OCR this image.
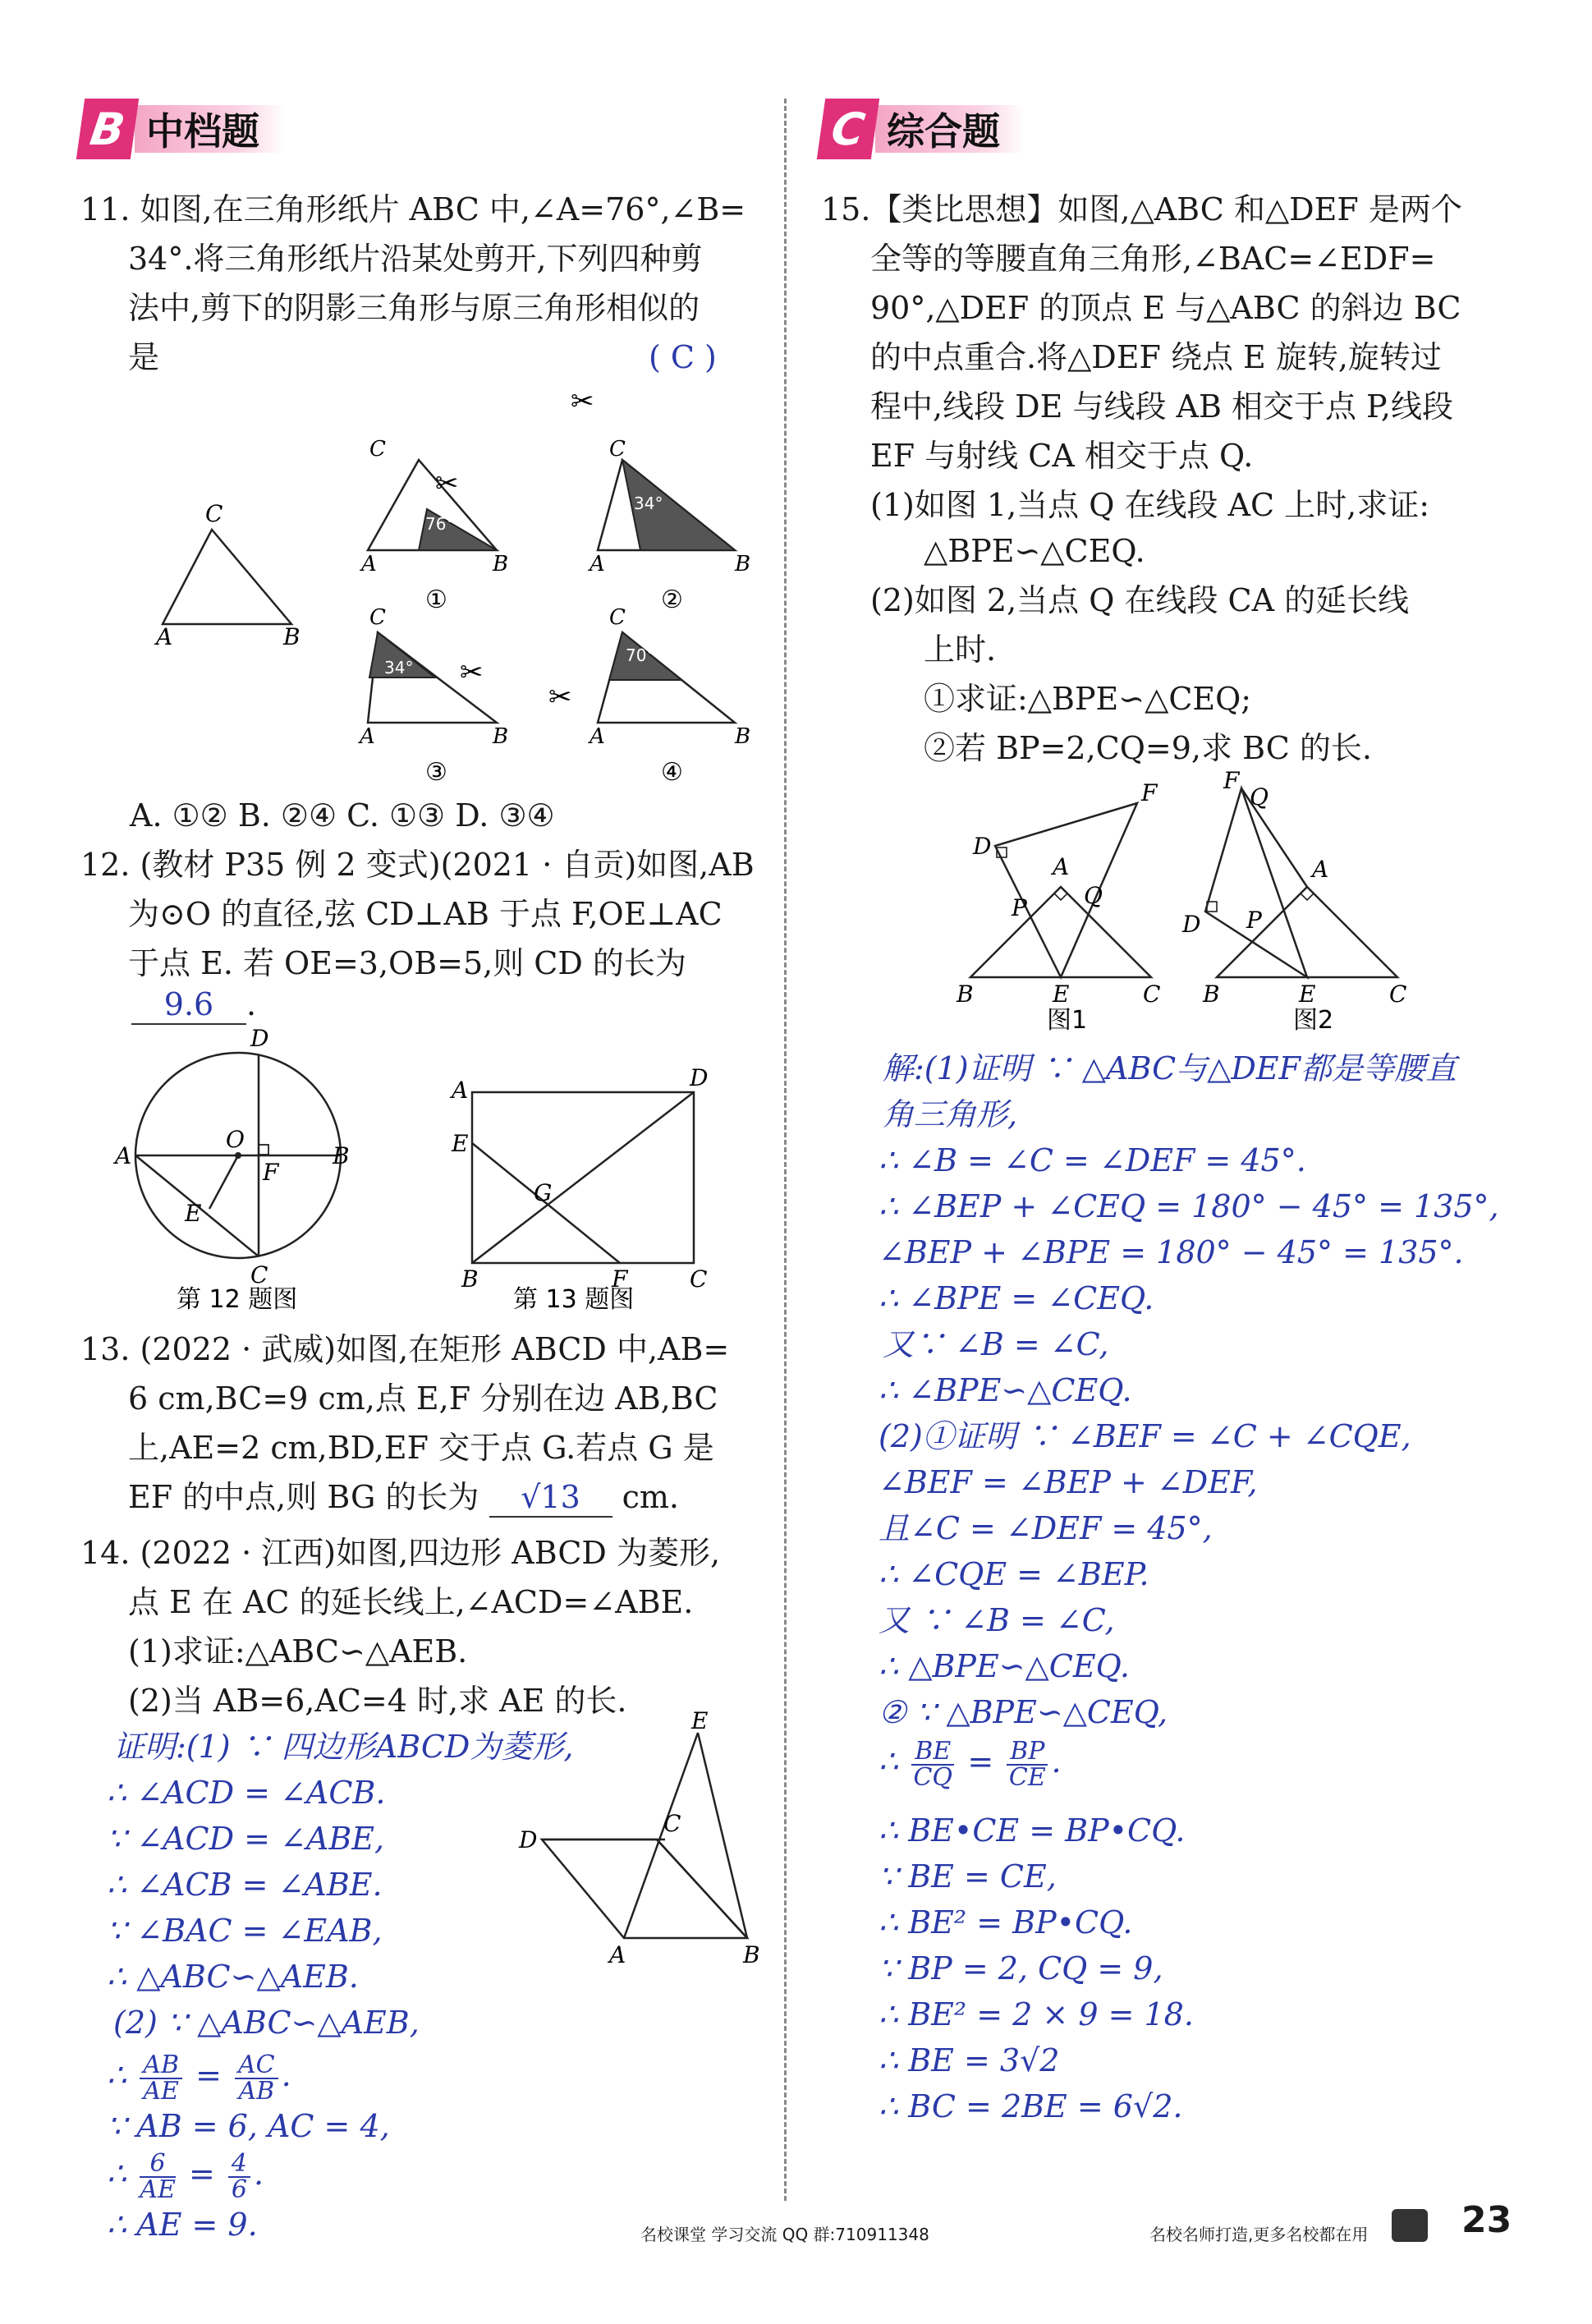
B 中档题	C 综合题
11. 如图,在三角形纸片 ABC 中,∠A=76°,∠B=
34°.将三角形纸片沿某处剪开,下列四种剪
法中,剪下的阴影三角形与原三角形相似的
是	( C )
A	B
C	76°
✂
A	B
C
①
34°
✂
A	B
C
②
34° ✂
A	B
C
③
70°
✂
A	B
C
④
A. ①② B. ②④ C. ①③ D. ③④
12. (教材 P35 例 2 变式)(2021 · 自贡)如图,AB
为⊙O 的直径,弦 CD⊥AB 于点 F,OE⊥AC
于点 E. 若 OE=3,OB=5,则 CD 的长为
9.6 .
A	B
D
C
O
F
E
第 12 题图
A	D
E
G
B	F	C
第 13 题图
13. (2022 · 武威)如图,在矩形 ABCD 中,AB=
6 cm,BC=9 cm,点 E,F 分别在边 AB,BC
上,AE=2 cm,BD,EF 交于点 G.若点 G 是
EF 的中点,则 BG 的长为 √13 cm.
14. (2022 · 江西)如图,四边形 ABCD 为菱形,
点 E 在 AC 的延长线上,∠ACD=∠ABE.
(1)求证:△ABC∽△AEB.
(2)当 AB=6,AC=4 时,求 AE 的长.
证明:(1) ∵ 四边形ABCD为菱形,
∴ ∠ACD = ∠ACB.
∵ ∠ACD = ∠ABE,
∴ ∠ACB = ∠ABE.
∵ ∠BAC = ∠EAB,
∴ △ABC∽△AEB.
(2) ∵ △ABC∽△AEB,
∴ $\frac{AB}{AE} = \frac{AC}{AB}$ .
∵ AB = 6, AC = 4,
∴ $\frac{6}{AE} = \frac{4}{6}$ .
∴ AE = 9.
D
C
E
A	B
15.【类比思想】如图,△ABC 和△DEF 是两个
全等的等腰直角三角形,∠BAC=∠EDF=
90°,△DEF 的顶点 E 与△ABC 的斜边 BC
的中点重合.将△DEF 绕点 E 旋转,旋转过
程中,线段 DE 与线段 AB 相交于点 P,线段
EF 与射线 CA 相交于点 Q.
(1)如图 1,当点 Q 在线段 AC 上时,求证:
△BPE∽△CEQ.
(2)如图 2,当点 Q 在线段 CA 的延长线
上时.
①求证:△BPE∽△CEQ;
②若 BP=2,CQ=9,求 BC 的长.
B	E	C
D
F
A
P Q
图1
B	E	C
D
F
Q
A
P
图2
解:(1)证明 ∵ △ABC与△DEF都是等腰直
角三角形,
∴ ∠B = ∠C = ∠DEF = 45°.
∴ ∠BEP + ∠CEQ = 180° − 45° = 135°,
∠BEP + ∠BPE = 180° − 45° = 135°.
∴ ∠BPE = ∠CEQ.
又∵ ∠B = ∠C,
∴ ∠BPE∽△CEQ.
(2)①证明 ∵ ∠BEF = ∠C + ∠CQE,
∠BEF = ∠BEP + ∠DEF,
且∠C = ∠DEF = 45°,
∴ ∠CQE = ∠BEP.
又 ∵ ∠B = ∠C,
∴ △BPE∽△CEQ.
② ∵ △BPE∽△CEQ,
∴ $\frac{BE}{CQ} = \frac{BP}{CE}$ .
∴ BE•CE = BP•CQ.
∵ BE = CE,
∴ BE² = BP•CQ.
∵ BP = 2, CQ = 9,
∴ BE² = 2 × 9 = 18.
∴ BE = 3√2
∴ BC = 2BE = 6√2.
名校课堂 学习交流 QQ 群:710911348	名校名师打造,更多名校都在用	23
